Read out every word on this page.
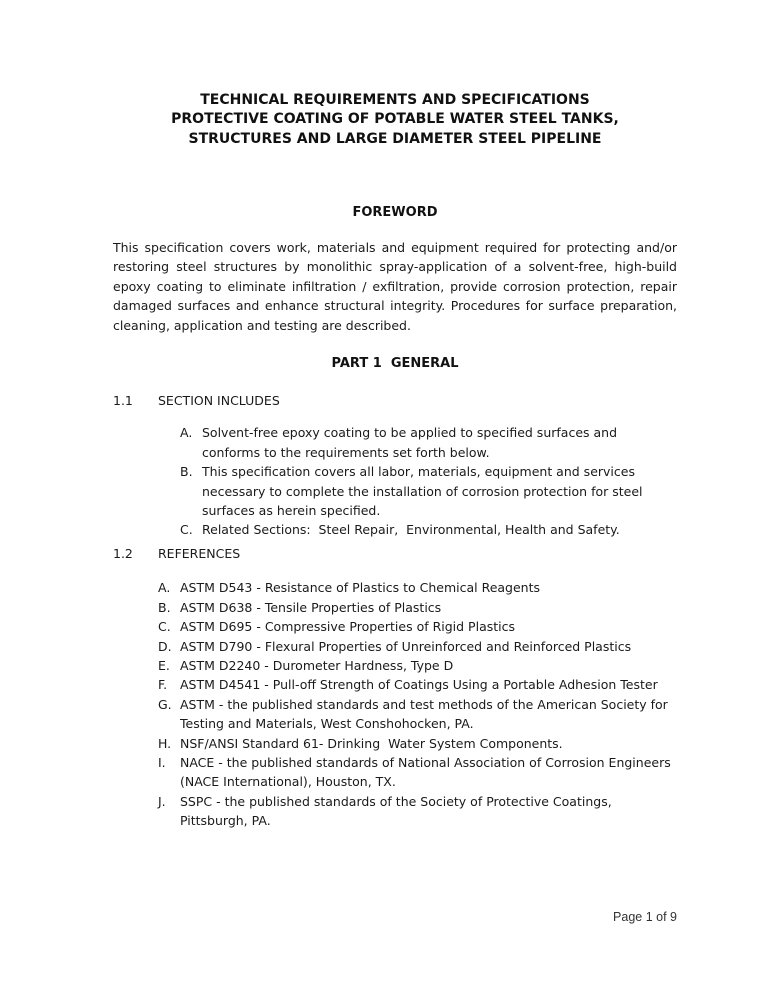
TECHNICAL REQUIREMENTS AND SPECIFICATIONS
PROTECTIVE COATING OF POTABLE WATER STEEL TANKS,
STRUCTURES AND LARGE DIAMETER STEEL PIPELINE
FOREWORD

This specification covers work, materials and equipment required for protecting and/or restoring steel structures by monolithic spray-application of a solvent-free, high-build epoxy coating to eliminate infiltration / exfiltration, provide corrosion protection, repair damaged surfaces and enhance structural integrity. Procedures for surface preparation, cleaning, application and testing are described.

PART 1  GENERAL
1.1	SECTION INCLUDES
A. Solvent-free epoxy coating to be applied to specified surfaces and conforms to the requirements set forth below.
B. This specification covers all labor, materials, equipment and services necessary to complete the installation of corrosion protection for steel surfaces as herein specified.
C. Related Sections:  Steel Repair,  Environmental, Health and Safety.
1.2	REFERENCES
A. ASTM D543 - Resistance of Plastics to Chemical Reagents
B. ASTM D638 - Tensile Properties of Plastics
C. ASTM D695 - Compressive Properties of Rigid Plastics
D. ASTM D790 - Flexural Properties of Unreinforced and Reinforced Plastics
E. ASTM D2240 - Durometer Hardness, Type D
F.	ASTM D4541 - Pull-off Strength of Coatings Using a Portable Adhesion Tester
G. ASTM - the published standards and test methods of the American Society for Testing and Materials, West Conshohocken, PA.
H. NSF/ANSI Standard 61- Drinking  Water System Components.
I.	NACE - the published standards of National Association of Corrosion Engineers (NACE International), Houston, TX.
J.	SSPC - the published standards of the Society of Protective Coatings, Pittsburgh, PA.
Page 1 of 9
